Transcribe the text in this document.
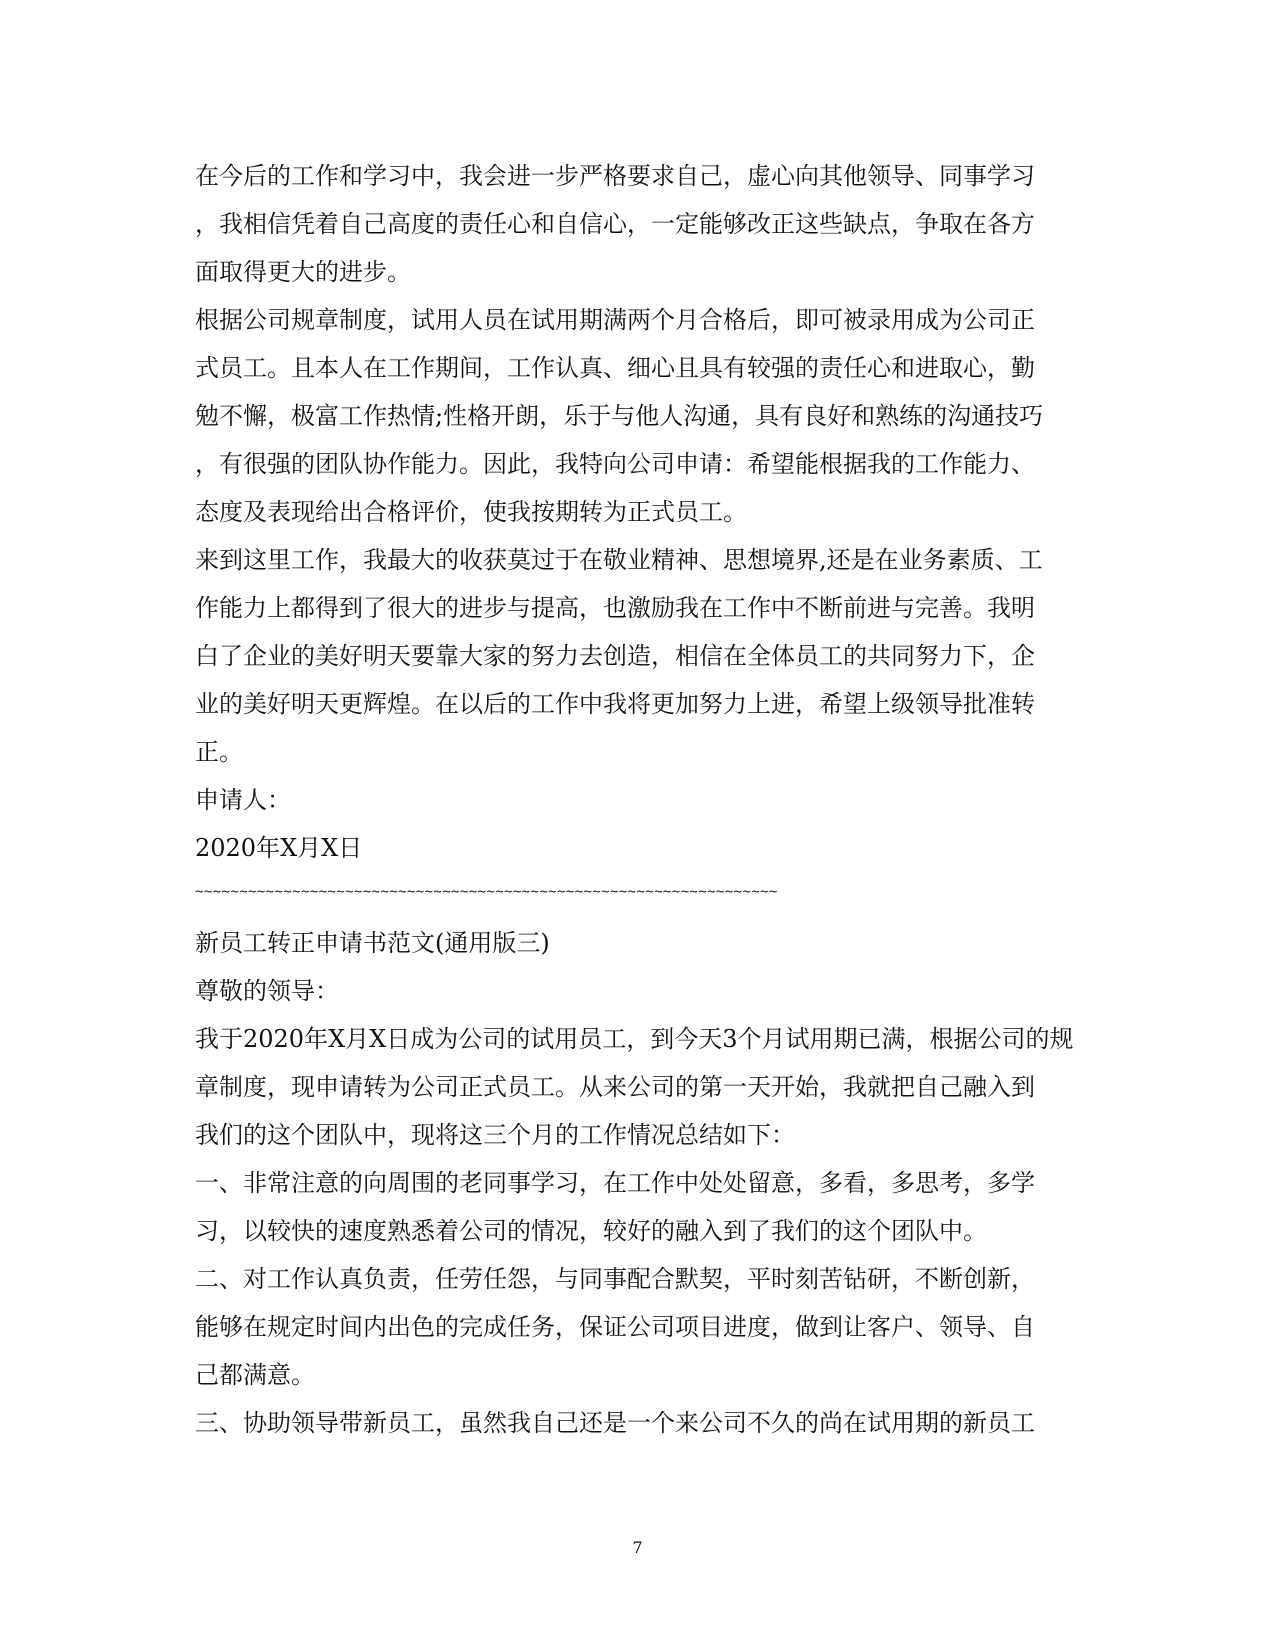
在今后的工作和学习中，我会进一步严格要求自己，虚心向其他领导、同事学习
，我相信凭着自己高度的责任心和自信心，一定能够改正这些缺点，争取在各方
面取得更大的进步。
根据公司规章制度，试用人员在试用期满两个月合格后，即可被录用成为公司正
式员工。且本人在工作期间，工作认真、细心且具有较强的责任心和进取心，勤
勉不懈，极富工作热情;性格开朗，乐于与他人沟通，具有良好和熟练的沟通技巧
，有很强的团队协作能力。因此，我特向公司申请：希望能根据我的工作能力、
态度及表现给出合格评价，使我按期转为正式员工。
来到这里工作，我最大的收获莫过于在敬业精神、思想境界,还是在业务素质、工
作能力上都得到了很大的进步与提高，也激励我在工作中不断前进与完善。我明
白了企业的美好明天要靠大家的努力去创造，相信在全体员工的共同努力下，企
业的美好明天更辉煌。在以后的工作中我将更加努力上进，希望上级领导批准转
正。
申请人：
2020年X月X日
~~~~~~~~~~~~~~~~~~~~~~~~~~~~~~~~~~~~~~~~~~~~~~~~~~~~~~~~~~~~~~~~~~
新员工转正申请书范文(通用版三)
尊敬的领导：
我于2020年X月X日成为公司的试用员工，到今天3个月试用期已满，根据公司的规
章制度，现申请转为公司正式员工。从来公司的第一天开始，我就把自己融入到
我们的这个团队中，现将这三个月的工作情况总结如下：
一、非常注意的向周围的老同事学习，在工作中处处留意，多看，多思考，多学
习，以较快的速度熟悉着公司的情况，较好的融入到了我们的这个团队中。
二、对工作认真负责，任劳任怨，与同事配合默契，平时刻苦钻研，不断创新，
能够在规定时间内出色的完成任务，保证公司项目进度，做到让客户、领导、自
己都满意。
三、协助领导带新员工，虽然我自己还是一个来公司不久的尚在试用期的新员工
7
